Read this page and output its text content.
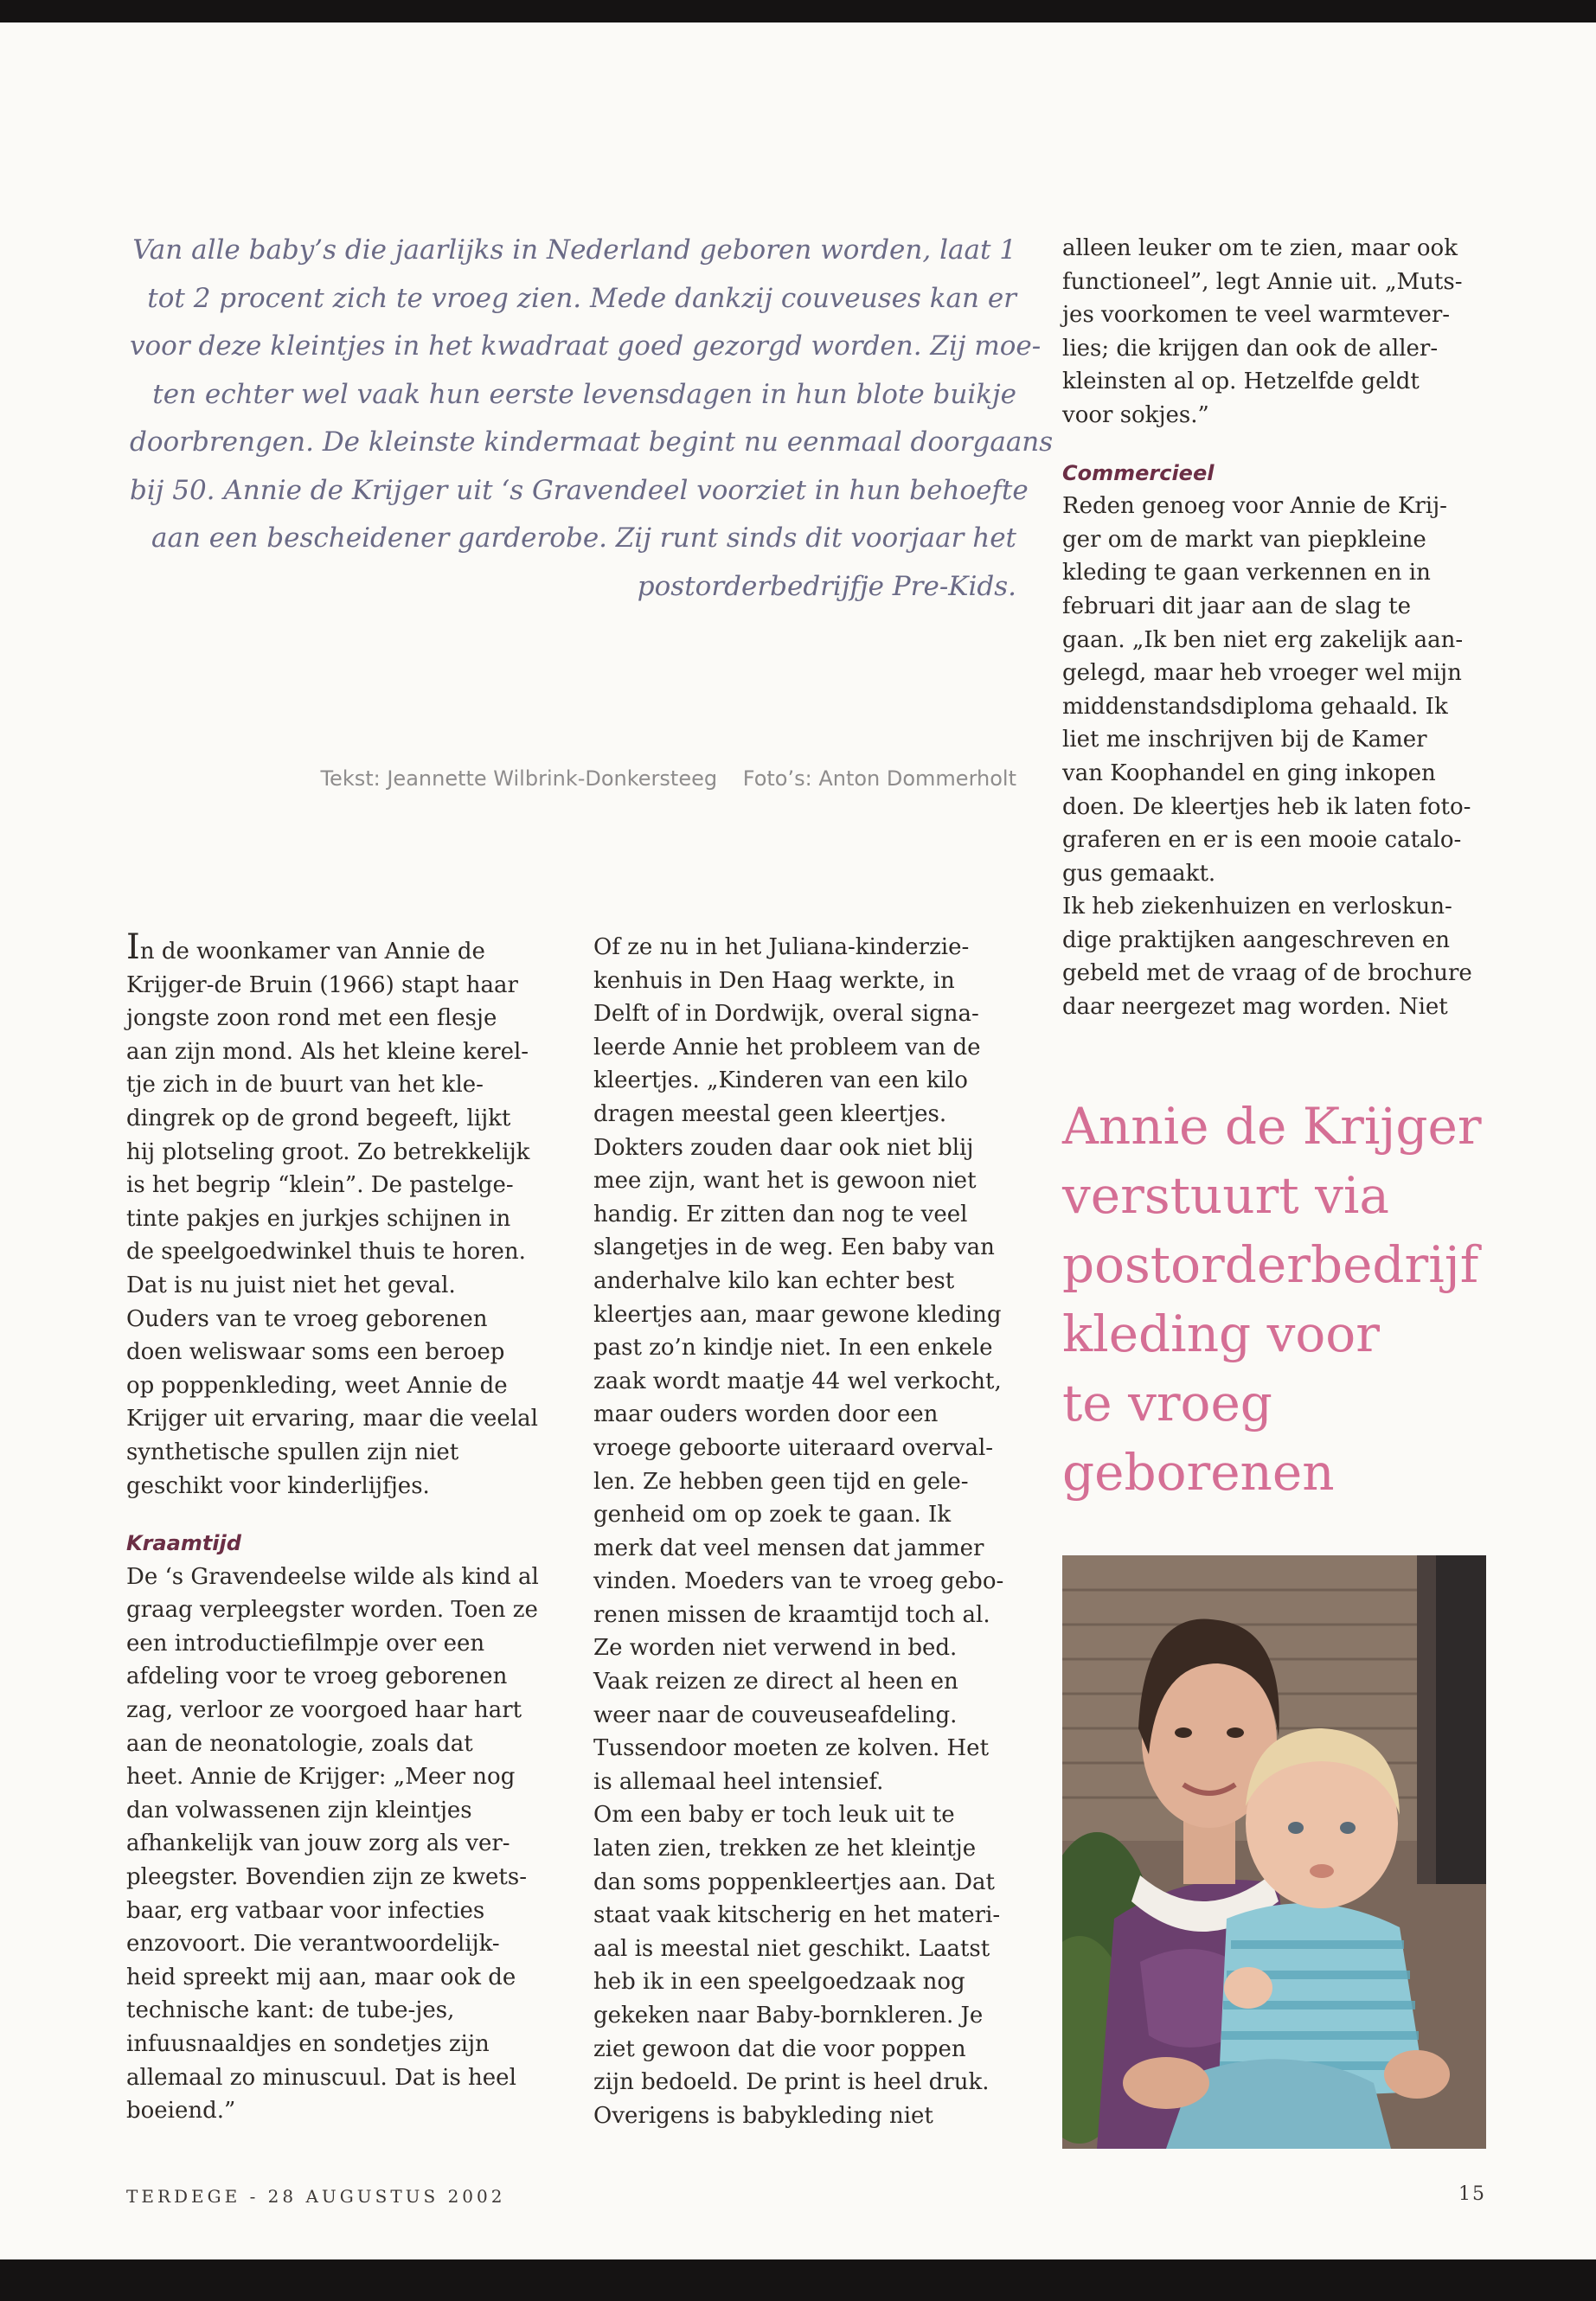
Van alle baby’s die jaarlijks in Nederland geboren worden, laat 1
tot 2 procent zich te vroeg zien. Mede dankzij couveuses kan er
voor deze kleintjes in het kwadraat goed gezorgd worden. Zij moe-
ten echter wel vaak hun eerste levensdagen in hun blote buikje
doorbrengen. De kleinste kindermaat begint nu eenmaal doorgaans
bij 50. Annie de Krijger uit ‘s Gravendeel voorziet in hun behoefte
aan een bescheidener garderobe. Zij runt sinds dit voorjaar het
postorderbedrijfje Pre-Kids.
Tekst: Jeannette Wilbrink-Donkersteeg Foto’s: Anton Dommerholt
In de woonkamer van Annie de
Krijger-de Bruin (1966) stapt haar
jongste zoon rond met een flesje
aan zijn mond. Als het kleine kerel-
tje zich in de buurt van het kle-
dingrek op de grond begeeft, lijkt
hij plotseling groot. Zo betrekkelijk
is het begrip “klein”. De pastelge-
tinte pakjes en jurkjes schijnen in
de speelgoedwinkel thuis te horen.
Dat is nu juist niet het geval.
Ouders van te vroeg geborenen
doen weliswaar soms een beroep
op poppenkleding, weet Annie de
Krijger uit ervaring, maar die veelal
synthetische spullen zijn niet
geschikt voor kinderlijfjes.
Kraamtijd
De ‘s Gravendeelse wilde als kind al
graag verpleegster worden. Toen ze
een introductiefilmpje over een
afdeling voor te vroeg geborenen
zag, verloor ze voorgoed haar hart
aan de neonatologie, zoals dat
heet. Annie de Krijger: „Meer nog
dan volwassenen zijn kleintjes
afhankelijk van jouw zorg als ver-
pleegster. Bovendien zijn ze kwets-
baar, erg vatbaar voor infecties
enzovoort. Die verantwoordelijk-
heid spreekt mij aan, maar ook de
technische kant: de tube-jes,
infuusnaaldjes en sondetjes zijn
allemaal zo minuscuul. Dat is heel
boeiend.”
Of ze nu in het Juliana-kinderzie-
kenhuis in Den Haag werkte, in
Delft of in Dordwijk, overal signa-
leerde Annie het probleem van de
kleertjes. „Kinderen van een kilo
dragen meestal geen kleertjes.
Dokters zouden daar ook niet blij
mee zijn, want het is gewoon niet
handig. Er zitten dan nog te veel
slangetjes in de weg. Een baby van
anderhalve kilo kan echter best
kleertjes aan, maar gewone kleding
past zo’n kindje niet. In een enkele
zaak wordt maatje 44 wel verkocht,
maar ouders worden door een
vroege geboorte uiteraard overval-
len. Ze hebben geen tijd en gele-
genheid om op zoek te gaan. Ik
merk dat veel mensen dat jammer
vinden. Moeders van te vroeg gebo-
renen missen de kraamtijd toch al.
Ze worden niet verwend in bed.
Vaak reizen ze direct al heen en
weer naar de couveuseafdeling.
Tussendoor moeten ze kolven. Het
is allemaal heel intensief.
Om een baby er toch leuk uit te
laten zien, trekken ze het kleintje
dan soms poppenkleertjes aan. Dat
staat vaak kitscherig en het materi-
aal is meestal niet geschikt. Laatst
heb ik in een speelgoedzaak nog
gekeken naar Baby-bornkleren. Je
ziet gewoon dat die voor poppen
zijn bedoeld. De print is heel druk.
Overigens is babykleding niet
alleen leuker om te zien, maar ook
functioneel”, legt Annie uit. „Muts-
jes voorkomen te veel warmtever-
lies; die krijgen dan ook de aller-
kleinsten al op. Hetzelfde geldt
voor sokjes.”
Commercieel
Reden genoeg voor Annie de Krij-
ger om de markt van piepkleine
kleding te gaan verkennen en in
februari dit jaar aan de slag te
gaan. „Ik ben niet erg zakelijk aan-
gelegd, maar heb vroeger wel mijn
middenstandsdiploma gehaald. Ik
liet me inschrijven bij de Kamer
van Koophandel en ging inkopen
doen. De kleertjes heb ik laten foto-
graferen en er is een mooie catalo-
gus gemaakt.
Ik heb ziekenhuizen en verloskun-
dige praktijken aangeschreven en
gebeld met de vraag of de brochure
daar neergezet mag worden. Niet
Annie de Krijger
verstuurt via
postorderbedrijf
kleding voor
te vroeg
geborenen
TERDEGE - 28 AUGUSTUS 2002	15
